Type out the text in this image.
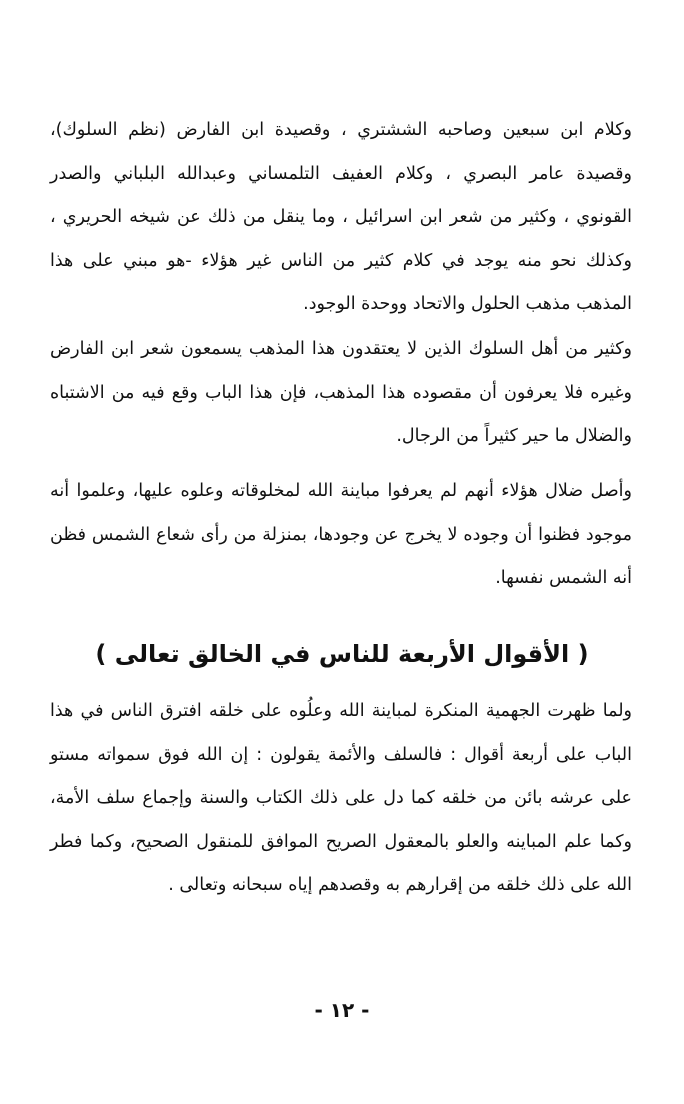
وكلام ابن سبعين وصاحبه الششتري ، وقصيدة ابن الفارض (نظم السلوك)، وقصيدة عامر البصري ، وكلام العفيف التلمساني وعبدالله البلباني والصدر القونوي ، وكثير من شعر ابن اسرائيل ، وما ينقل من ذلك عن شيخه الحريري ، وكذلك نحو منه يوجد في كلام كثير من الناس غير هؤلاء -هو مبني على هذا المذهب مذهب الحلول والاتحاد ووحدة الوجود.

وكثير من أهل السلوك الذين لا يعتقدون هذا المذهب يسمعون شعر ابن الفارض وغيره فلا يعرفون أن مقصوده هذا المذهب، فإن هذا الباب وقع فيه من الاشتباه والضلال ما حير كثيراً من الرجال.

وأصل ضلال هؤلاء أنهم لم يعرفوا مباينة الله لمخلوقاته وعلوه عليها، وعلموا أنه موجود فظنوا أن وجوده لا يخرج عن وجودها، بمنزلة من رأى شعاع الشمس فظن أنه الشمس نفسها.

( الأقوال الأربعة للناس في الخالق تعالى )

ولما ظهرت الجهمية المنكرة لمباينة الله وعلُوه على خلقه افترق الناس في هذا الباب على أربعة أقوال : فالسلف والأئمة يقولون : إن الله فوق سمواته مستو على عرشه بائن من خلقه كما دل على ذلك الكتاب والسنة وإجماع سلف الأمة، وكما علم المباينه والعلو بالمعقول الصريح الموافق للمنقول الصحيح، وكما فطر الله على ذلك خلقه من إقرارهم به وقصدهم إياه سبحانه وتعالى .

- ١٢ -
